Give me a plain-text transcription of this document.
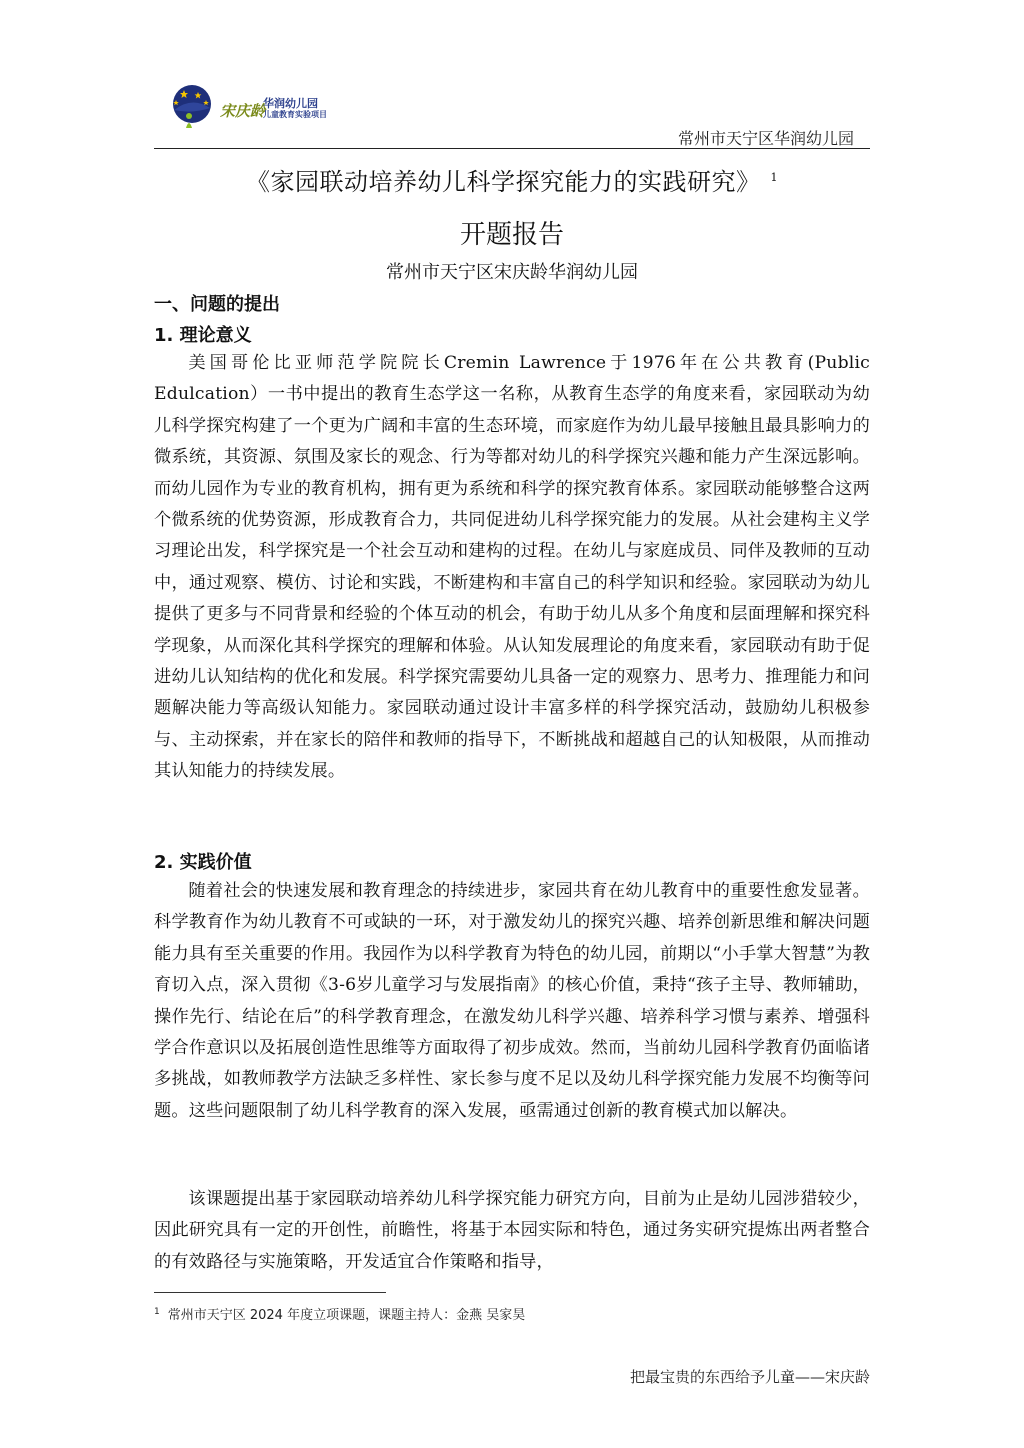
宋庆龄
华润幼儿园
儿童教育实验项目
常州市天宁区华润幼儿园
《家园联动培养幼儿科学探究能力的实践研究》 $^1$
开题报告
常州市天宁区宋庆龄华润幼儿园
一、问题的提出
1. 理论意义
美国哥伦比亚师范学院院长Cremin Lawrence于1976年在公共教育(Public Edulcation）一书中提出的教育生态学这一名称，从教育生态学的角度来看，家园联动为幼儿科学探究构建了一个更为广阔和丰富的生态环境，而家庭作为幼儿最早接触且最具影响力的微系统，其资源、氛围及家长的观念、行为等都对幼儿的科学探究兴趣和能力产生深远影响。而幼儿园作为专业的教育机构，拥有更为系统和科学的探究教育体系。家园联动能够整合这两个微系统的优势资源，形成教育合力，共同促进幼儿科学探究能力的发展。从社会建构主义学习理论出发，科学探究是一个社会互动和建构的过程。在幼儿与家庭成员、同伴及教师的互动中，通过观察、模仿、讨论和实践，不断建构和丰富自己的科学知识和经验。家园联动为幼儿提供了更多与不同背景和经验的个体互动的机会，有助于幼儿从多个角度和层面理解和探究科学现象，从而深化其科学探究的理解和体验。从认知发展理论的角度来看，家园联动有助于促进幼儿认知结构的优化和发展。科学探究需要幼儿具备一定的观察力、思考力、推理能力和问题解决能力等高级认知能力。家园联动通过设计丰富多样的科学探究活动，鼓励幼儿积极参与、主动探索，并在家长的陪伴和教师的指导下，不断挑战和超越自己的认知极限，从而推动其认知能力的持续发展。
2. 实践价值
随着社会的快速发展和教育理念的持续进步，家园共育在幼儿教育中的重要性愈发显著。科学教育作为幼儿教育不可或缺的一环，对于激发幼儿的探究兴趣、培养创新思维和解决问题能力具有至关重要的作用。我园作为以科学教育为特色的幼儿园，前期以“小手掌大智慧”为教育切入点，深入贯彻《3-6岁儿童学习与发展指南》的核心价值，秉持“孩子主导、教师辅助，操作先行、结论在后”的科学教育理念，在激发幼儿科学兴趣、培养科学习惯与素养、增强科学合作意识以及拓展创造性思维等方面取得了初步成效。然而，当前幼儿园科学教育仍面临诸多挑战，如教师教学方法缺乏多样性、家长参与度不足以及幼儿科学探究能力发展不均衡等问题。这些问题限制了幼儿科学教育的深入发展，亟需通过创新的教育模式加以解决。
该课题提出基于家园联动培养幼儿科学探究能力研究方向，目前为止是幼儿园涉猎较少，因此研究具有一定的开创性，前瞻性，将基于本园实际和特色，通过务实研究提炼出两者整合的有效路径与实施策略，开发适宜合作策略和指导，
$^1$ 常州市天宁区 2024 年度立项课题，课题主持人：金燕 吴家昊
把最宝贵的东西给予儿童——宋庆龄
